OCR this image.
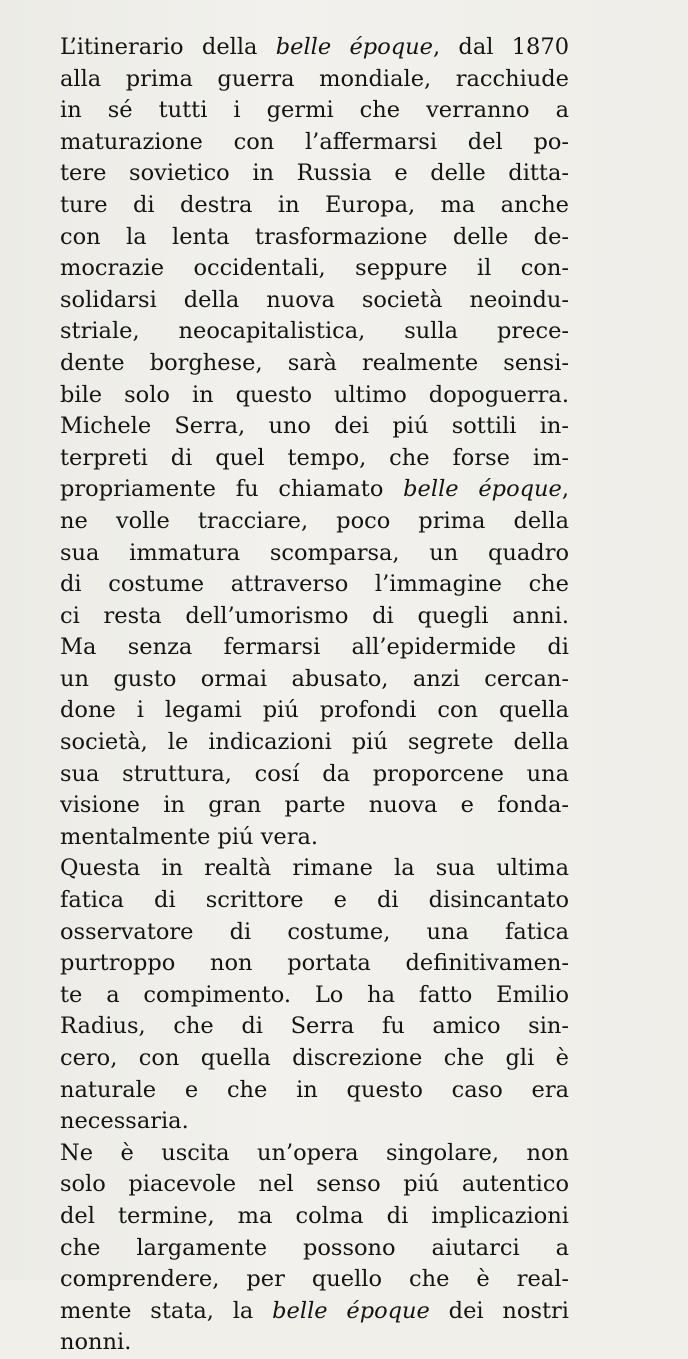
L’itinerario della belle époque, dal 1870
alla prima guerra mondiale, racchiude
in sé tutti i germi che verranno a
maturazione con l’affermarsi del po-
tere sovietico in Russia e delle ditta-
ture di destra in Europa, ma anche
con la lenta trasformazione delle de-
mocrazie occidentali, seppure il con-
solidarsi della nuova società neoindu-
striale, neocapitalistica, sulla prece-
dente borghese, sarà realmente sensi-
bile solo in questo ultimo dopoguerra.
Michele Serra, uno dei piú sottili in-
terpreti di quel tempo, che forse im-
propriamente fu chiamato belle époque,
ne volle tracciare, poco prima della
sua immatura scomparsa, un quadro
di costume attraverso l’immagine che
ci resta dell’umorismo di quegli anni.
Ma senza fermarsi all’epidermide di
un gusto ormai abusato, anzi cercan-
done i legami piú profondi con quella
società, le indicazioni piú segrete della
sua struttura, cosí da proporcene una
visione in gran parte nuova e fonda-
mentalmente piú vera.
Questa in realtà rimane la sua ultima
fatica di scrittore e di disincantato
osservatore di costume, una fatica
purtroppo non portata definitivamen-
te a compimento. Lo ha fatto Emilio
Radius, che di Serra fu amico sin-
cero, con quella discrezione che gli è
naturale e che in questo caso era
necessaria.
Ne è uscita un’opera singolare, non
solo piacevole nel senso piú autentico
del termine, ma colma di implicazioni
che largamente possono aiutarci a
comprendere, per quello che è real-
mente stata, la belle époque dei nostri
nonni.
